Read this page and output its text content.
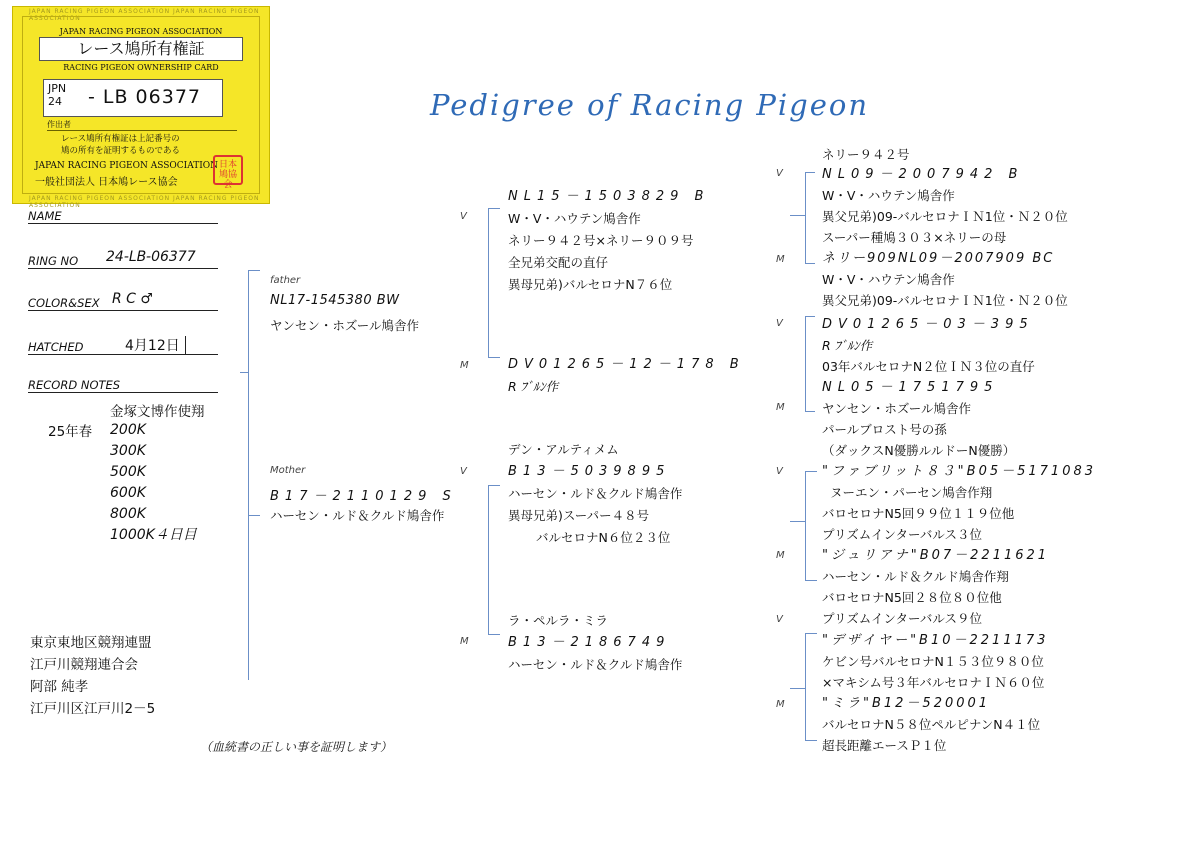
JAPAN RACING PIGEON ASSOCIATION JAPAN RACING PIGEON ASSOCIATION
JAPAN RACING PIGEON ASSOCIATION JAPAN RACING PIGEON ASSOCIATION
JAPAN RACING PIGEON ASSOCIATION
レース鳩所有権証
RACING PIGEON OWNERSHIP CARD
JPN
24 - LB 06377
作出者
レース鳩所有権証は上記番号の
鳩の所有を証明するものである
JAPAN RACING PIGEON ASSOCIATION
一般社団法人 日本鳩レース協会
日本鳩協会
Pedigree of Racing Pigeon
NAME
RING NO 24-LB-06377
COLOR&SEX R C ♂
HATCHED	4月12日
RECORD NOTES
金塚文博作使翔
25年春 200K
300K
500K
600K
800K
1000K４日目
東京東地区競翔連盟
江戸川競翔連合会
阿部 純孝
江戸川区江戸川2－5
（血統書の正しい事を証明します）
father
NL17-1545380 BW
ヤンセン・ホズール鳩舎作
Mother
B17－2110129 S
ハーセン・ルド＆クルド鳩舎作
V
M
V
M
NL15－1503829 B
W・V・ハウテン鳩舎作
ネリー９４２号×ネリー９０９号
全兄弟交配の直仔
異母兄弟)バルセロナN７６位
DV01265－12－178 B
R ﾌﾞﾙﾝ作
デン・アルティメム
B13－5039895
ハーセン・ルド＆クルド鳩舎作
異母兄弟)スーパー４８号
バルセロナN６位２３位
ラ・ペルラ・ミラ
B13－2186749
ハーセン・ルド＆クルド鳩舎作
V
M
V
M
V
M
V
M
ネリー９４２号
NL09－2007942 B
W・V・ハウテン鳩舎作
異父兄弟)09-バルセロナＩＮ1位・Ｎ２０位
スーパー種鳩３０３×ネリーの母
ネリー909NL09－2007909 BC
W・V・ハウテン鳩舎作
異父兄弟)09-バルセロナＩＮ1位・Ｎ２０位
DV01265－03－395
R ﾌﾞﾙﾝ作
03年バルセロナN２位ＩＮ３位の直仔
NL05－1751795
ヤンセン・ホズール鳩舎作
パールブロスト号の孫
（ダックスN優勝ルルドーN優勝）
"ファブリット８３"B05－5171083
ヌーエン・パーセン鳩舎作翔
バロセロナN5回９９位１１９位他
プリズムインターバルス３位
"ジュリアナ"B07－2211621
ハーセン・ルド＆クルド鳩舎作翔
バロセロナN5回２８位８０位他
プリズムインターバルス９位
"デザイヤー"B10－2211173
ケビン号バルセロナN１５３位９８０位
×マキシム号３年バルセロナＩＮ６０位
"ミラ"B12－520001
バルセロナN５８位ペルピナンN４１位
超長距離エースＰ１位
